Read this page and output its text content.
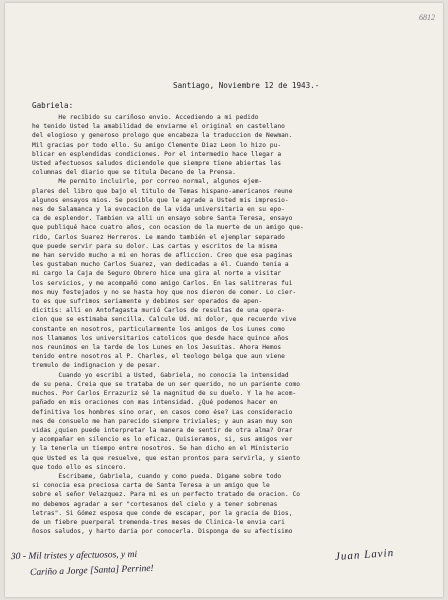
6812
Santiago, Noviembre 12 de 1943.-
Gabriela:
He recibido su cariñoso envio. Accediendo a mi pedido
he tenido Usted la amabilidad de enviarme el original en castellano
del elogioso y generoso prologo que encabeza la traduccion de Newman.
Mil gracias por todo ello. Su amigo Clemente Diaz Leon lo hizo pu-
blicar en esplendidas condiciones. Por el intermedio hace llegar a
Usted afectuosos saludos diciendole que siempre tiene abiertas las
columnas del diario que se titula Decano de la Prensa.
Me permito incluirle, por correo normal, algunos ejem-
plares del libro que bajo el titulo de Temas hispano-americanos reune
algunos ensayos mios. Se posible que le agrade a Usted mis impresio-
nes de Salamanca y la evocacion de la vida universitaria en su epo-
ca de esplendor. Tambien va alli un ensayo sobre Santa Teresa, ensayo
que publiqué hace cuatro años, con ocasion de la muerte de un amigo que-
rido, Carlos Suarez Herreros. Le mando también el ejemplar separado
que puede servir para su dolor. Las cartas y escritos de la misma
me han servido mucho a mi en horas de afliccion. Creo que esa paginas
les gustaban mucho Carlos Suarez, van dedicadas a él. Cuando tenia a
mi cargo la Caja de Seguro Obrero hice una gira al norte a visitar
los servicios, y me acompañó como amigo Carlos. En las salitreras fui
mos muy festejados y no se hasta hoy que nos dieron de comer. Lo cier-
to es que sufrimos seriamente y debimos ser operados de apen-
dicitis: alli en Antofagasta murió Carlos de resultas de una opera-
cion que se estimaba sencilla. Calcule Ud. mi dolor, que recuerdo vive
constante en nosotros, particularmente los amigos de los Lunes como
nos llamamos los universitarios catolicos que desde hace quince años
nos reunimos en la tarde de los Lunes en los Jesuitas. Ahora Hemos
tenido entre nosotros al P. Charles, el teologo belga que aun viene
tremulo de indignacion y de pesar.
Cuando yo escribi a Usted, Gabriela, no conocia la intensidad
de su pena. Creia que se trataba de un ser querido, no un pariente como
muchos. Por Carlos Errazuriz sé la magnitud de su duelo. Y la he acom-
pañado en mis oraciones con mas intensidad. ¿Qué podemos hacer en
definitiva los hombres sino orar, en casos como ése? Las consideracio
nes de consuelo me han parecido siempre triviales; y aun asan muy son
vidas ¿quien puede interpretar la manera de sentir de otra alma? Orar
y acompañar en silencio es lo eficaz. Quisieramos, si, sus amigos ver
y la tenerla un tiempo entre nosotros. Se han dicho en el Ministerio
que Usted es la que resuelve, que estan prontos para servirla, y siento
que todo ello es sincero.
Escribame, Gabriela, cuando y como pueda. Digame sobre todo
si conocia esa preciosa carta de Santa Teresa a un amigo que le
sobre el señor Velazquez. Para mi es un perfecto tratado de oracion. Co
mo debemos agradar a ser "cortesanos del cielo y a tener sobrenas
letras". Si Gómez esposa que conde de escapar, por la gracia de Dios,
de un fiebre puerperal tremenda-tres meses de Clinica-le envia cari
ñosos saludos, y harto daria por conocerla. Disponga de su afectisimo
30 - Mil tristes y afectuosos, y mi
Cariño a Jorge [Santa] Perrine!
Juan Lavin
